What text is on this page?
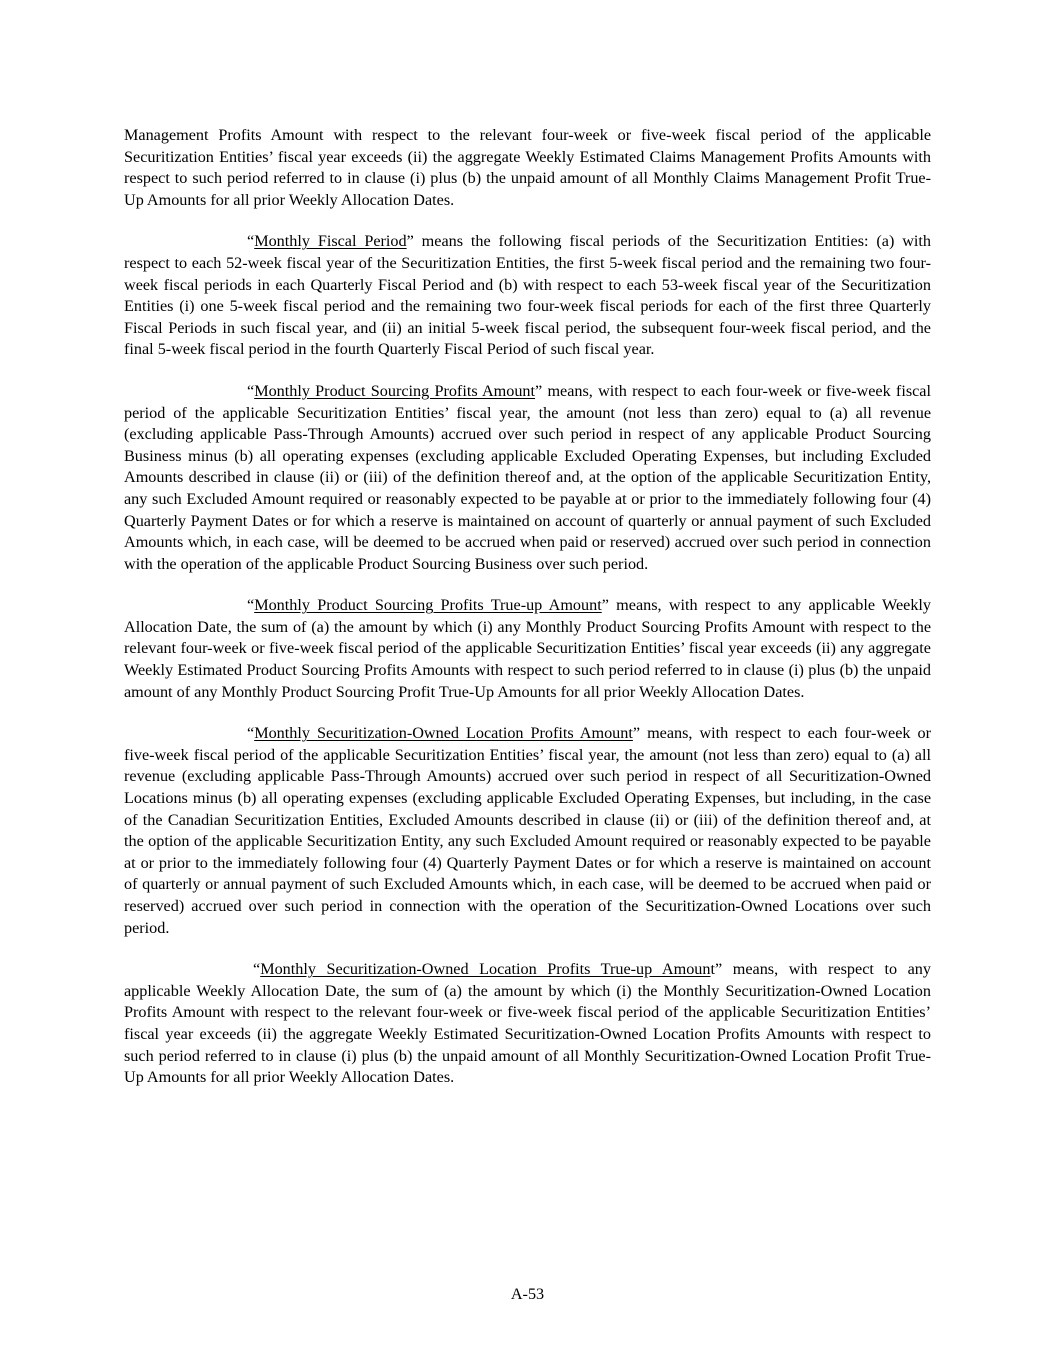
Management Profits Amount with respect to the relevant four-week or five-week fiscal period of the applicable Securitization Entities’ fiscal year exceeds (ii) the aggregate Weekly Estimated Claims Management Profits Amounts with respect to such period referred to in clause (i) plus (b) the unpaid amount of all Monthly Claims Management Profit True-Up Amounts for all prior Weekly Allocation Dates.

“Monthly Fiscal Period” means the following fiscal periods of the Securitization Entities: (a) with respect to each 52-week fiscal year of the Securitization Entities, the first 5-week fiscal period and the remaining two four-week fiscal periods in each Quarterly Fiscal Period and (b) with respect to each 53-week fiscal year of the Securitization Entities (i) one 5-week fiscal period and the remaining two four-week fiscal periods for each of the first three Quarterly Fiscal Periods in such fiscal year, and (ii) an initial 5-week fiscal period, the subsequent four-week fiscal period, and the final 5-week fiscal period in the fourth Quarterly Fiscal Period of such fiscal year.

“Monthly Product Sourcing Profits Amount” means, with respect to each four-week or five-week fiscal period of the applicable Securitization Entities’ fiscal year, the amount (not less than zero) equal to (a) all revenue (excluding applicable Pass-Through Amounts) accrued over such period in respect of any applicable Product Sourcing Business minus (b) all operating expenses (excluding applicable Excluded Operating Expenses, but including Excluded Amounts described in clause (ii) or (iii) of the definition thereof and, at the option of the applicable Securitization Entity, any such Excluded Amount required or reasonably expected to be payable at or prior to the immediately following four (4) Quarterly Payment Dates or for which a reserve is maintained on account of quarterly or annual payment of such Excluded Amounts which, in each case, will be deemed to be accrued when paid or reserved) accrued over such period in connection with the operation of the applicable Product Sourcing Business over such period.

“Monthly Product Sourcing Profits True-up Amount” means, with respect to any applicable Weekly Allocation Date, the sum of (a) the amount by which (i) any Monthly Product Sourcing Profits Amount with respect to the relevant four-week or five-week fiscal period of the applicable Securitization Entities’ fiscal year exceeds (ii) any aggregate Weekly Estimated Product Sourcing Profits Amounts with respect to such period referred to in clause (i) plus (b) the unpaid amount of any Monthly Product Sourcing Profit True-Up Amounts for all prior Weekly Allocation Dates.

“Monthly Securitization-Owned Location Profits Amount” means, with respect to each four-week or five-week fiscal period of the applicable Securitization Entities’ fiscal year, the amount (not less than zero) equal to (a) all revenue (excluding applicable Pass-Through Amounts) accrued over such period in respect of all Securitization-Owned Locations minus (b) all operating expenses (excluding applicable Excluded Operating Expenses, but including, in the case of the Canadian Securitization Entities, Excluded Amounts described in clause (ii) or (iii) of the definition thereof and, at the option of the applicable Securitization Entity, any such Excluded Amount required or reasonably expected to be payable at or prior to the immediately following four (4) Quarterly Payment Dates or for which a reserve is maintained on account of quarterly or annual payment of such Excluded Amounts which, in each case, will be deemed to be accrued when paid or reserved) accrued over such period in connection with the operation of the Securitization-Owned Locations over such period.

“Monthly Securitization-Owned Location Profits True-up Amount” means, with respect to any applicable Weekly Allocation Date, the sum of (a) the amount by which (i) the Monthly Securitization-Owned Location Profits Amount with respect to the relevant four-week or five-week fiscal period of the applicable Securitization Entities’ fiscal year exceeds (ii) the aggregate Weekly Estimated Securitization-Owned Location Profits Amounts with respect to such period referred to in clause (i) plus (b) the unpaid amount of all Monthly Securitization-Owned Location Profit True-Up Amounts for all prior Weekly Allocation Dates.

A-53
